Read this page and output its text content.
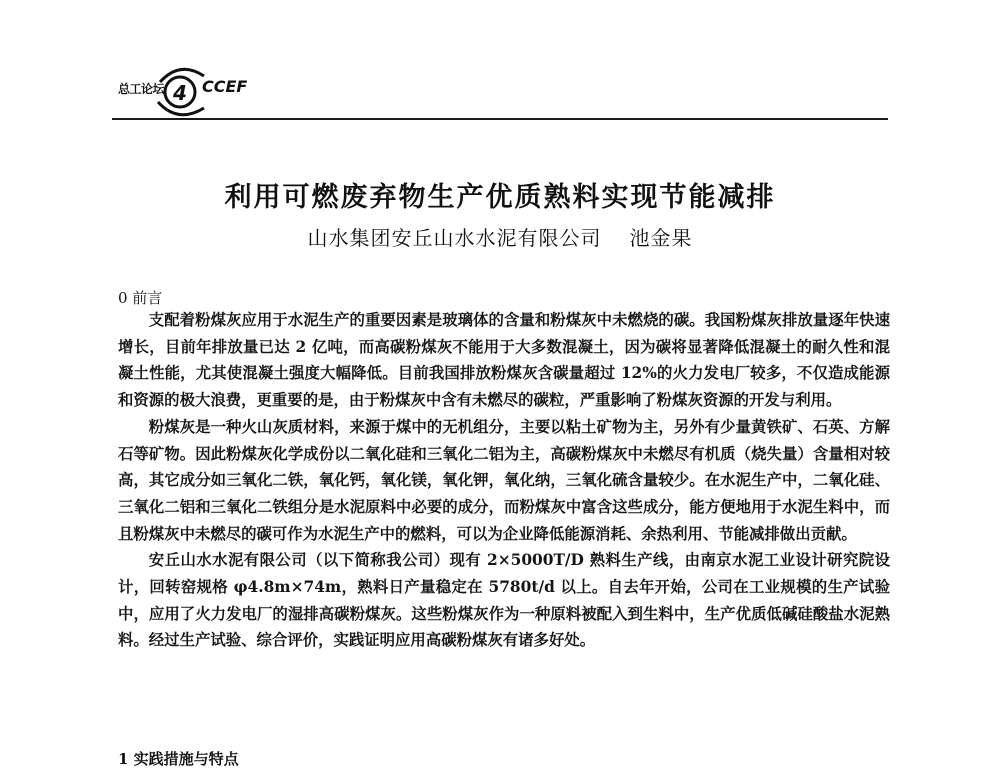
总工论坛 4 CCEF
利用可燃废弃物生产优质熟料实现节能减排
山水集团安丘山水水泥有限公司 池金果
0 前言

支配着粉煤灰应用于水泥生产的重要因素是玻璃体的含量和粉煤灰中未燃烧的碳。我国粉煤灰排放量逐年快速增长，目前年排放量已达 2 亿吨，而高碳粉煤灰不能用于大多数混凝土，因为碳将显著降低混凝土的耐久性和混凝土性能，尤其使混凝土强度大幅降低。目前我国排放粉煤灰含碳量超过 12%的火力发电厂较多，不仅造成能源和资源的极大浪费，更重要的是，由于粉煤灰中含有未燃尽的碳粒，严重影响了粉煤灰资源的开发与利用。

粉煤灰是一种火山灰质材料，来源于煤中的无机组分，主要以粘土矿物为主，另外有少量黄铁矿、石英、方解石等矿物。因此粉煤灰化学成份以二氧化硅和三氧化二铝为主，高碳粉煤灰中未燃尽有机质（烧失量）含量相对较高，其它成分如三氧化二铁，氧化钙，氧化镁，氧化钾，氧化纳，三氧化硫含量较少。在水泥生产中，二氧化硅、三氧化二铝和三氧化二铁组分是水泥原料中必要的成分，而粉煤灰中富含这些成分，能方便地用于水泥生料中，而且粉煤灰中未燃尽的碳可作为水泥生产中的燃料，可以为企业降低能源消耗、余热利用、节能减排做出贡献。

安丘山水水泥有限公司（以下简称我公司）现有 2×5000T/D 熟料生产线，由南京水泥工业设计研究院设计，回转窑规格 φ4.8m×74m，熟料日产量稳定在 5780t/d 以上。自去年开始，公司在工业规模的生产试验中，应用了火力发电厂的湿排高碳粉煤灰。这些粉煤灰作为一种原料被配入到生料中，生产优质低碱硅酸盐水泥熟料。经过生产试验、综合评价，实践证明应用高碳粉煤灰有诸多好处。

1 实践措施与特点
